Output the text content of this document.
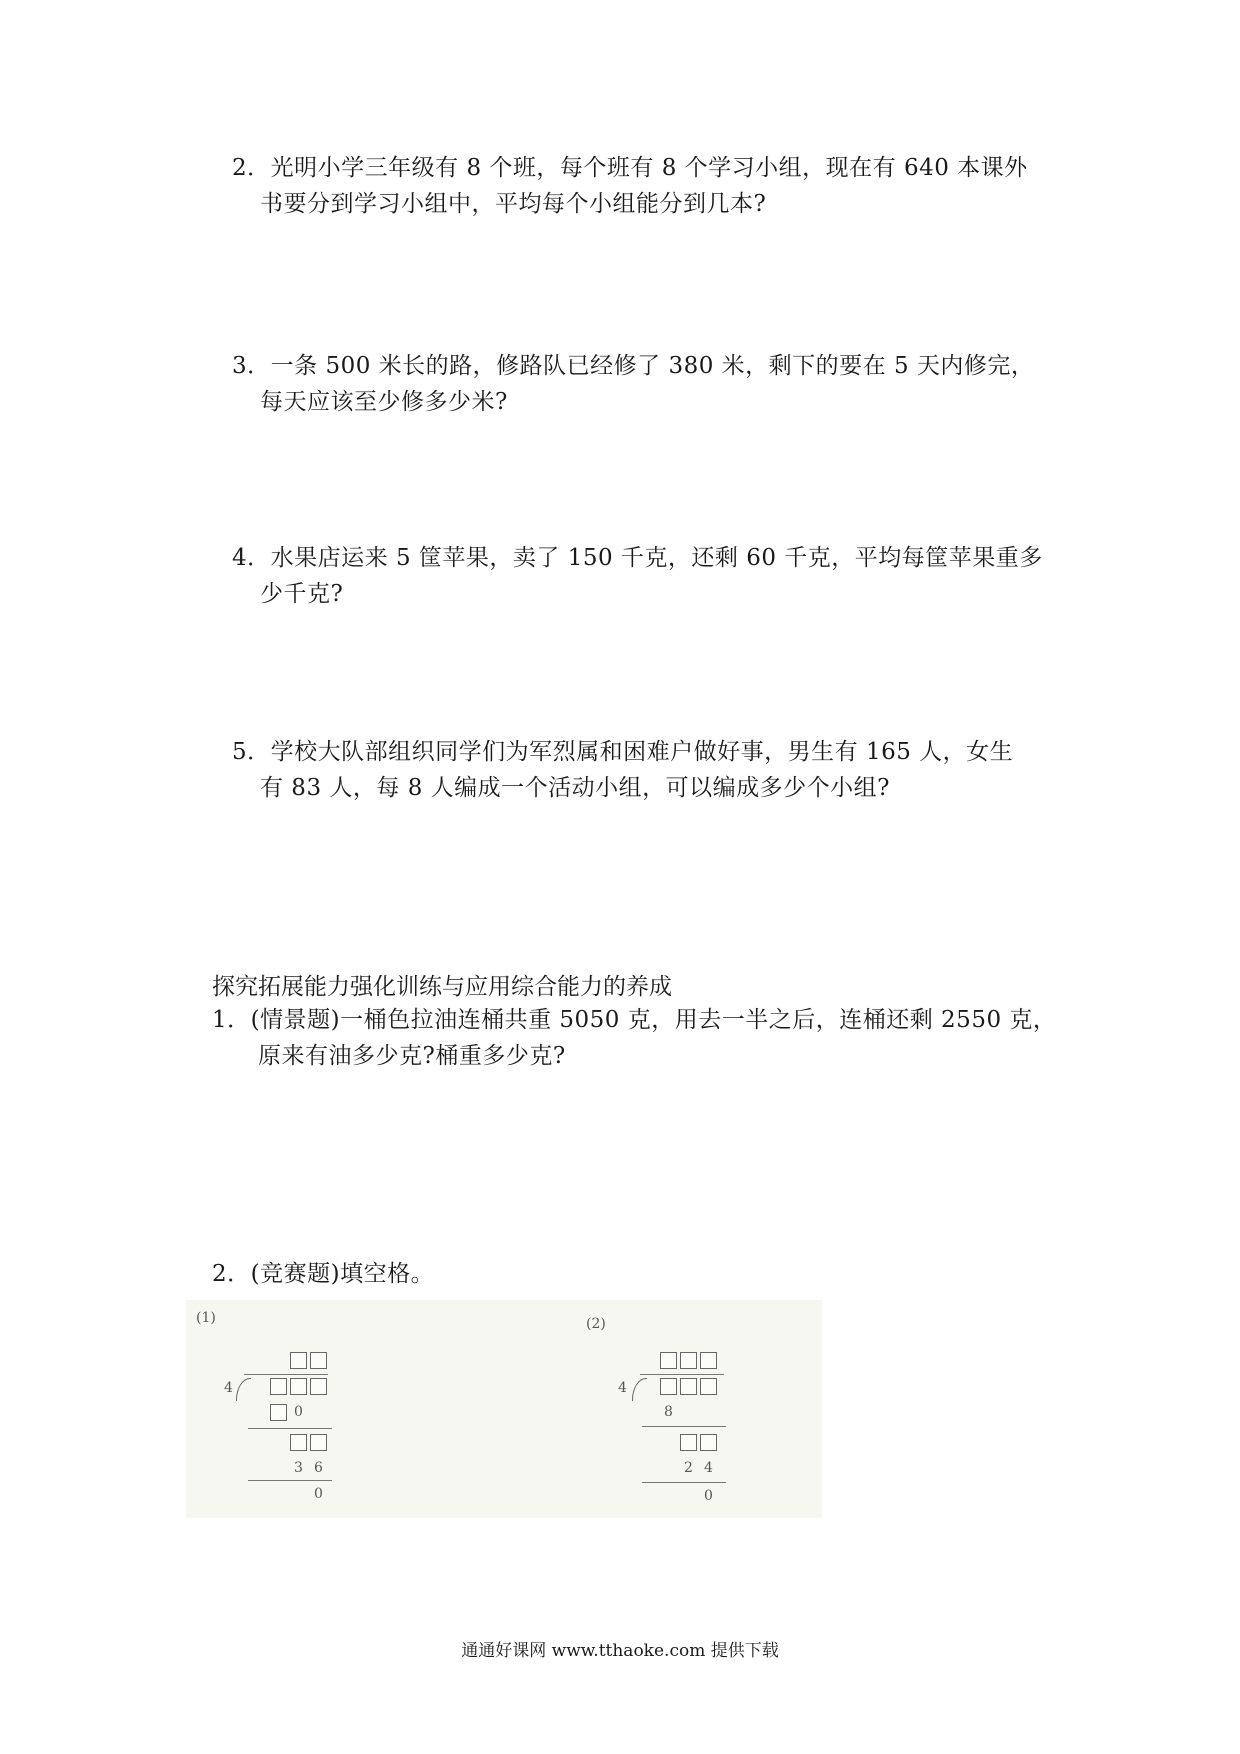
2．光明小学三年级有 8 个班，每个班有 8 个学习小组，现在有 640 本课外
书要分到学习小组中，平均每个小组能分到几本?
3．一条 500 米长的路，修路队已经修了 380 米，剩下的要在 5 天内修完，
每天应该至少修多少米?
4．水果店运来 5 筐苹果，卖了 150 千克，还剩 60 千克，平均每筐苹果重多
少千克?
5．学校大队部组织同学们为军烈属和困难户做好事，男生有 165 人，女生
有 83 人，每 8 人编成一个活动小组，可以编成多少个小组?
探究拓展能力强化训练与应用综合能力的养成
1．(情景题)一桶色拉油连桶共重 5050 克，用去一半之后，连桶还剩 2550 克，
原来有油多少克?桶重多少克?
2．(竞赛题)填空格。
(1)
4
0
3 6
0
(2)
4
8
2 4
0
通通好课网 www.tthaoke.com 提供下载
